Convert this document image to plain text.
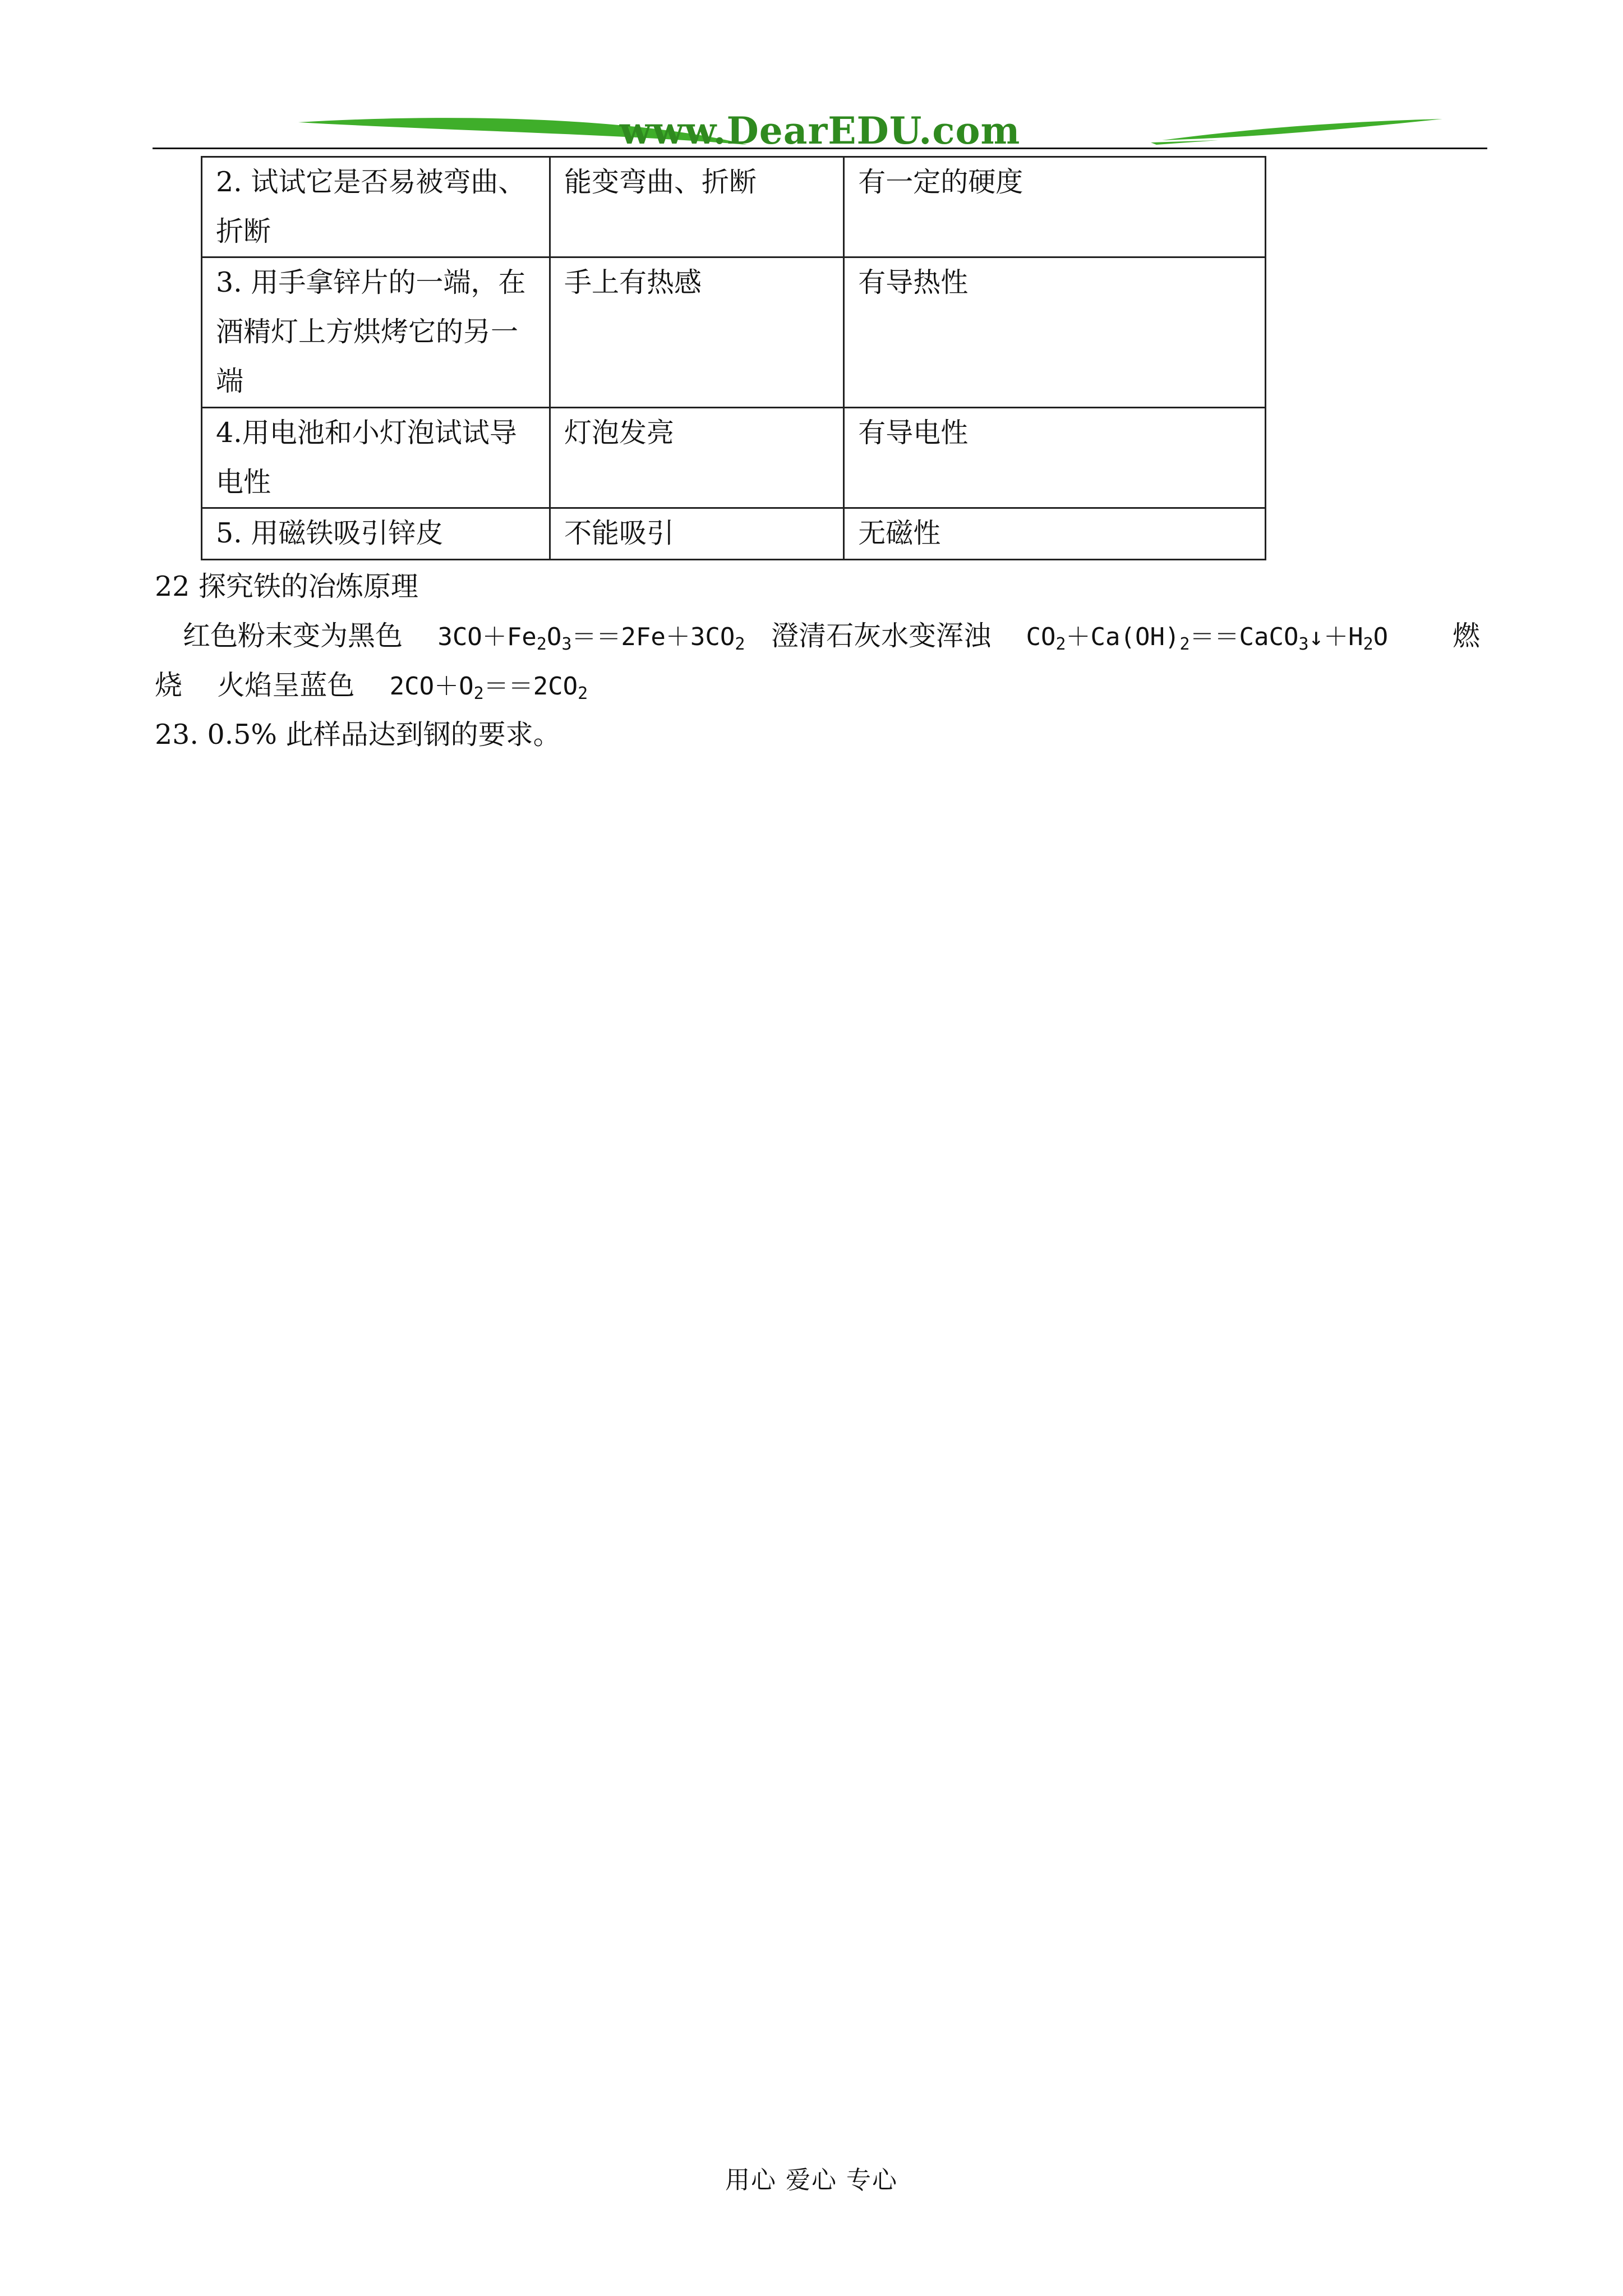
www.DearEDU.com
2. 试试它是否易被弯曲、折断	能变弯曲、折断	有一定的硬度
3. 用手拿锌片的一端，在酒精灯上方烘烤它的另一端	手上有热感	有导热性
4.用电池和小灯泡试试导电性	灯泡发亮	有导电性
5. 用磁铁吸引锌皮	不能吸引	无磁性
22 探究铁的冶炼原理
红色粉末变为黑色 $3CO+Fe_2O_3==2Fe+3CO_2$ 澄清石灰水变浑浊 $CO_2+Ca(OH)_2==CaCO_3↓+H_2O$ 燃
烧 火焰呈蓝色 $2CO+O_2==2CO_2$
23. 0.5% 此样品达到钢的要求。
用心 爱心 专心
